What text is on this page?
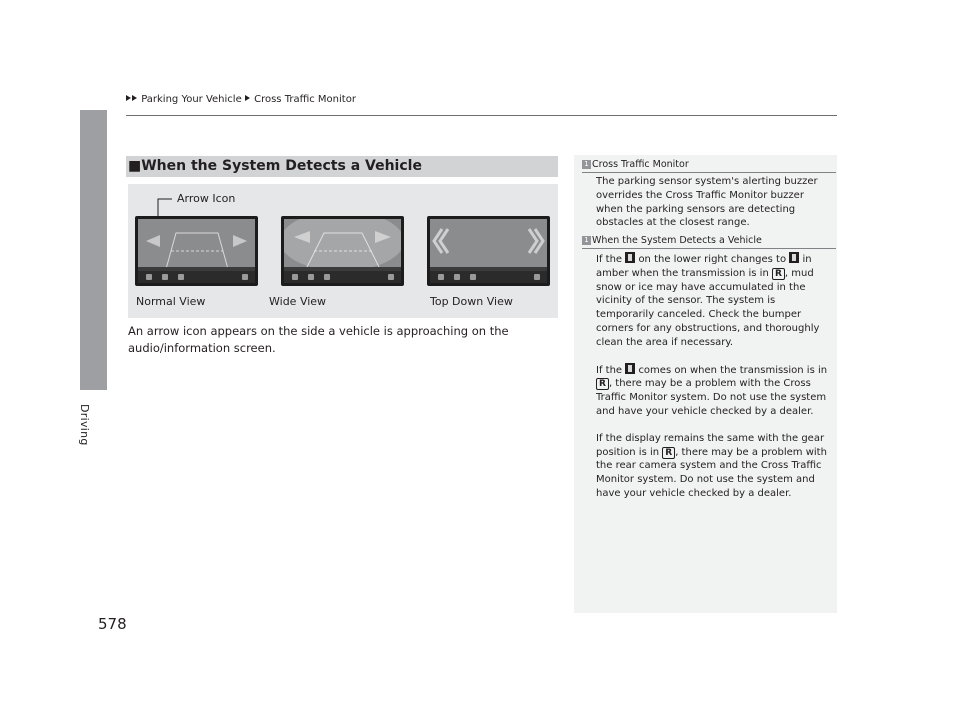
Parking Your Vehicle Cross Traffic Monitor
Driving
578
■When the System Detects a Vehicle
Arrow Icon
Normal View	Wide View	Top Down View
An arrow icon appears on the side a vehicle is approaching on the audio/information screen.
1 Cross Traffic Monitor

The parking sensor system's alerting buzzer overrides the Cross Traffic Monitor buzzer when the parking sensors are detecting obstacles at the closest range.

1 When the System Detects a Vehicle

If the on the lower right changes to in amber when the transmission is in R , mud snow or ice may have accumulated in the vicinity of the sensor. The system is temporarily canceled. Check the bumper corners for any obstructions, and thoroughly clean the area if necessary.

If the comes on when the transmission is in R , there may be a problem with the Cross Traffic Monitor system. Do not use the system and have your vehicle checked by a dealer.

If the display remains the same with the gear position is in R , there may be a problem with the rear camera system and the Cross Traffic Monitor system. Do not use the system and have your vehicle checked by a dealer.
